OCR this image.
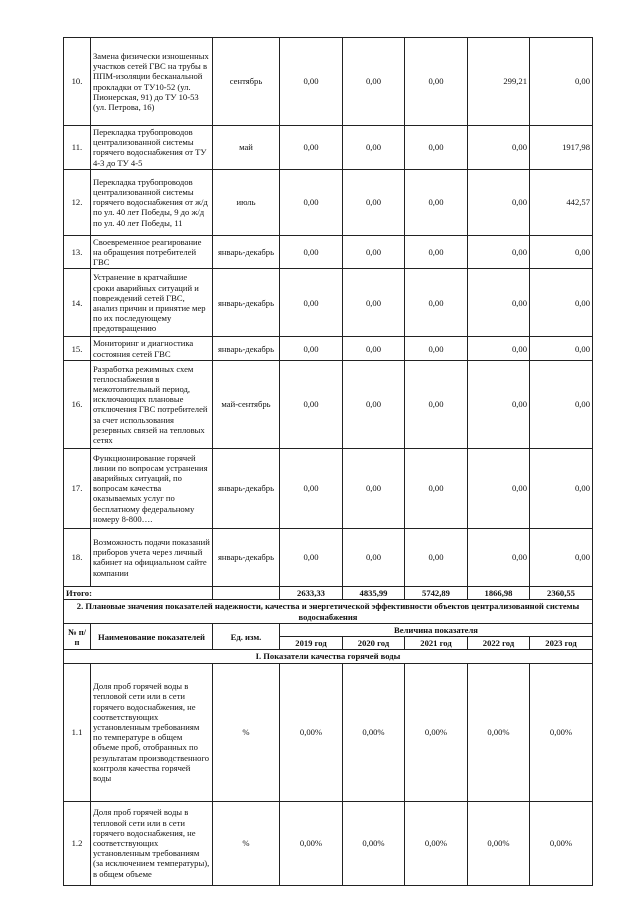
10.	Замена физически изношенных участков сетей ГВС на трубы в ППМ-изоляции бесканальной прокладки от ТУ10-52 (ул. Пионерская, 91) до ТУ 10-53 (ул. Петрова, 16)	сентябрь	0,00	0,00	0,00	299,21	0,00
11.	Перекладка трубопроводов централизованной системы горячего водоснабжения от ТУ 4-3 до ТУ 4-5	май	0,00	0,00	0,00	0,00	1917,98
12.	Перекладка трубопроводов централизованной системы горячего водоснабжения от ж/д по ул. 40 лет Победы, 9 до ж/д по ул. 40 лет Победы, 11	июль	0,00	0,00	0,00	0,00	442,57
13.	Своевременное реагирование на обращения потребителей ГВС	январь-декабрь	0,00	0,00	0,00	0,00	0,00
14.	Устранение в кратчайшие сроки аварийных ситуаций и повреждений сетей ГВС, анализ причин и принятие мер по их последующему предотвращению	январь-декабрь	0,00	0,00	0,00	0,00	0,00
15.	Мониторинг и диагностика состояния сетей ГВС	январь-декабрь	0,00	0,00	0,00	0,00	0,00
16.	Разработка режимных схем теплоснабжения в межотопительный период, исключающих плановые отключения ГВС потребителей за счет использования резервных связей на тепловых сетях	май-сентябрь	0,00	0,00	0,00	0,00	0,00
17.	Функционирование горячей линии по вопросам устранения аварийных ситуаций, по вопросам качества оказываемых услуг по бесплатному федеральному номеру 8-800….	январь-декабрь	0,00	0,00	0,00	0,00	0,00
18.	Возможность подачи показаний приборов учета через личный кабинет на официальном сайте компании	январь-декабрь	0,00	0,00	0,00	0,00	0,00
Итого:			2633,33	4835,99	5742,89	1866,98	2360,55
2. Плановые значения показателей надежности, качества и энергетической эффективности объектов централизованной системы водоснабжения							
№ п/п	Наименование показателей	Ед. изм.	Величина показателя				
			2019 год	2020 год	2021 год	2022 год	2023 год
I. Показатели качества горячей воды							
1.1	Доля проб горячей воды в тепловой сети или в сети горячего водоснабжения, не соответствующих установленным требованиям по температуре в общем объеме проб, отобранных по результатам производственного контроля качества горячей воды	%	0,00%	0,00%	0,00%	0,00%	0,00%
1.2	Доля проб горячей воды в тепловой сети или в сети горячего водоснабжения, не соответствующих установленным требованиям (за исключением температуры), в общем объеме	%	0,00%	0,00%	0,00%	0,00%	0,00%
